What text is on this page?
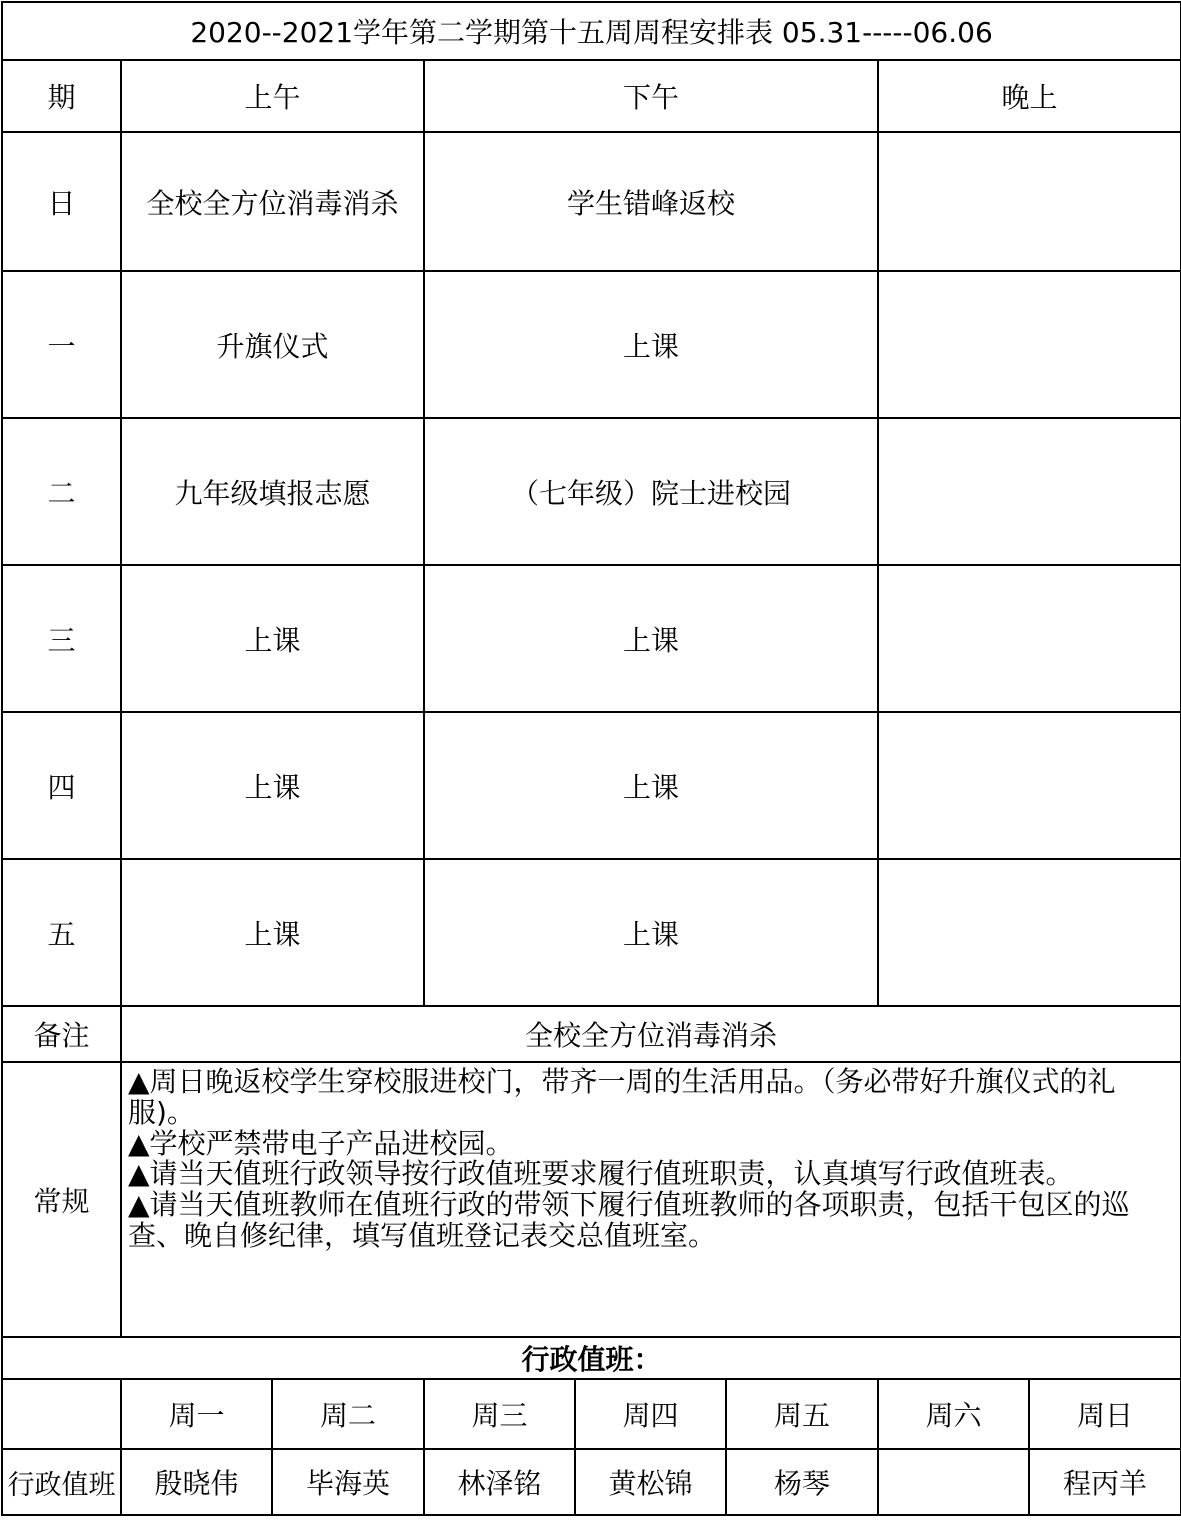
2020--2021学年第二学期第十五周周程安排表 05.31-----06.06							
期	上午		下午			晚上	
日	全校全方位消毒消杀		学生错峰返校				
一	升旗仪式		上课				
二	九年级填报志愿		（七年级）院士进校园				
三	上课		上课				
四	上课		上课				
五	上课		上课				
备注	全校全方位消毒消杀						
常规	▲周日晚返校学生穿校服进校门，带齐一周的生活用品。（务必带好升旗仪式的礼服)。

▲学校严禁带电子产品进校园。

▲请当天值班行政领导按行政值班要求履行值班职责，认真填写行政值班表。

▲请当天值班教师在值班行政的带领下履行值班教师的各项职责，包括干包区的巡查、晚自修纪律，填写值班登记表交总值班室。						

行政值班：							
	周一	周二	周三	周四	周五	周六	周日
行政值班	殷晓伟	毕海英	林泽铭	黄松锦	杨琴		程丙羊
